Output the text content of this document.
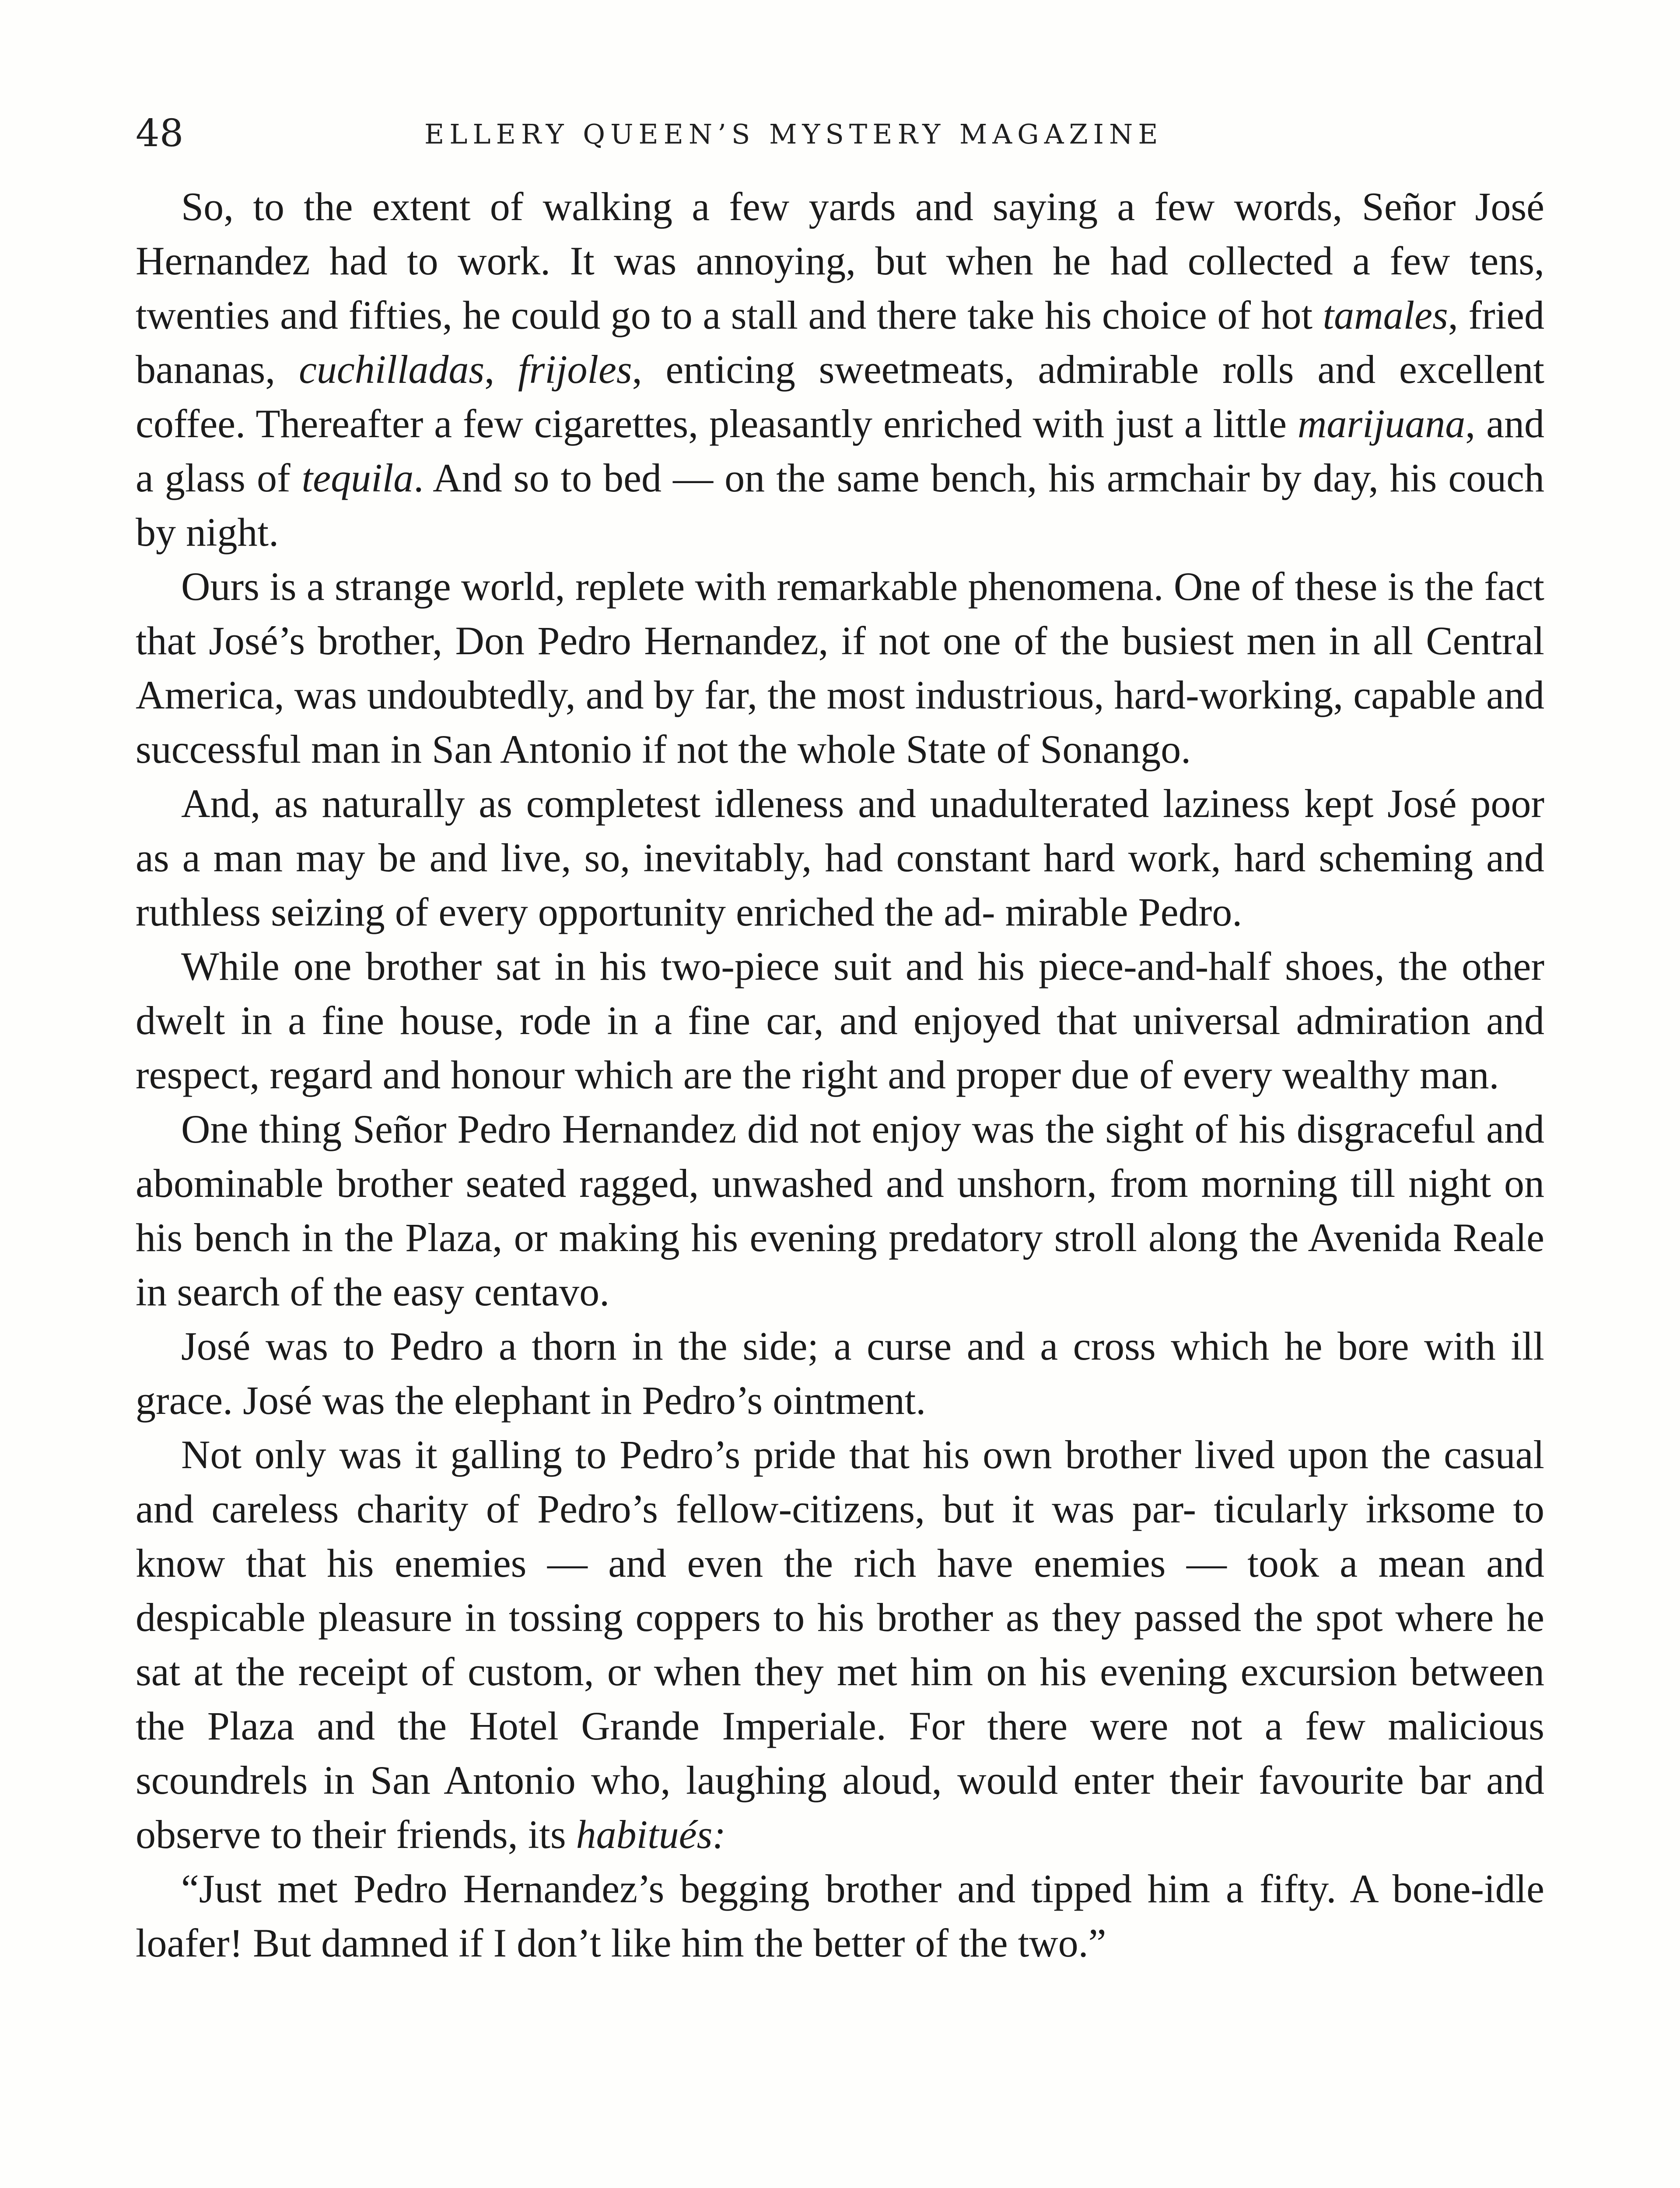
48	ELLERY QUEEN’S MYSTERY MAGAZINE

So, to the extent of walking a few yards and saying a few words, Señor José Hernandez had to work. It was annoying, but when he had collected a few tens, twenties and fifties, he could go to a stall and there take his choice of hot tamales, fried bananas, cuchilladas, frijoles, enticing sweetmeats, admirable rolls and excellent coffee. Thereafter a few cigarettes, pleasantly enriched with just a little marijuana, and a glass of tequila. And so to bed — on the same bench, his armchair by day, his couch by night.

Ours is a strange world, replete with remarkable phenomena. One of these is the fact that José’s brother, Don Pedro Hernandez, if not one of the busiest men in all Central America, was undoubtedly, and by far, the most industrious, hard-working, capable and successful man in San Antonio if not the whole State of Sonango.

And, as naturally as completest idleness and unadulterated laziness kept José poor as a man may be and live, so, inevitably, had constant hard work, hard scheming and ruthless seizing of every opportunity enriched the ad- mirable Pedro.

While one brother sat in his two-piece suit and his piece-and-half shoes, the other dwelt in a fine house, rode in a fine car, and enjoyed that universal admiration and respect, regard and honour which are the right and proper due of every wealthy man.

One thing Señor Pedro Hernandez did not enjoy was the sight of his disgraceful and abominable brother seated ragged, unwashed and unshorn, from morning till night on his bench in the Plaza, or making his evening predatory stroll along the Avenida Reale in search of the easy centavo.

José was to Pedro a thorn in the side; a curse and a cross which he bore with ill grace. José was the elephant in Pedro’s ointment.

Not only was it galling to Pedro’s pride that his own brother lived upon the casual and careless charity of Pedro’s fellow-citizens, but it was par- ticularly irksome to know that his enemies — and even the rich have enemies — took a mean and despicable pleasure in tossing coppers to his brother as they passed the spot where he sat at the receipt of custom, or when they met him on his evening excursion between the Plaza and the Hotel Grande Imperiale. For there were not a few malicious scoundrels in San Antonio who, laughing aloud, would enter their favourite bar and observe to their friends, its habitués:

“Just met Pedro Hernandez’s begging brother and tipped him a fifty. A bone-idle loafer! But damned if I don’t like him the better of the two.”
